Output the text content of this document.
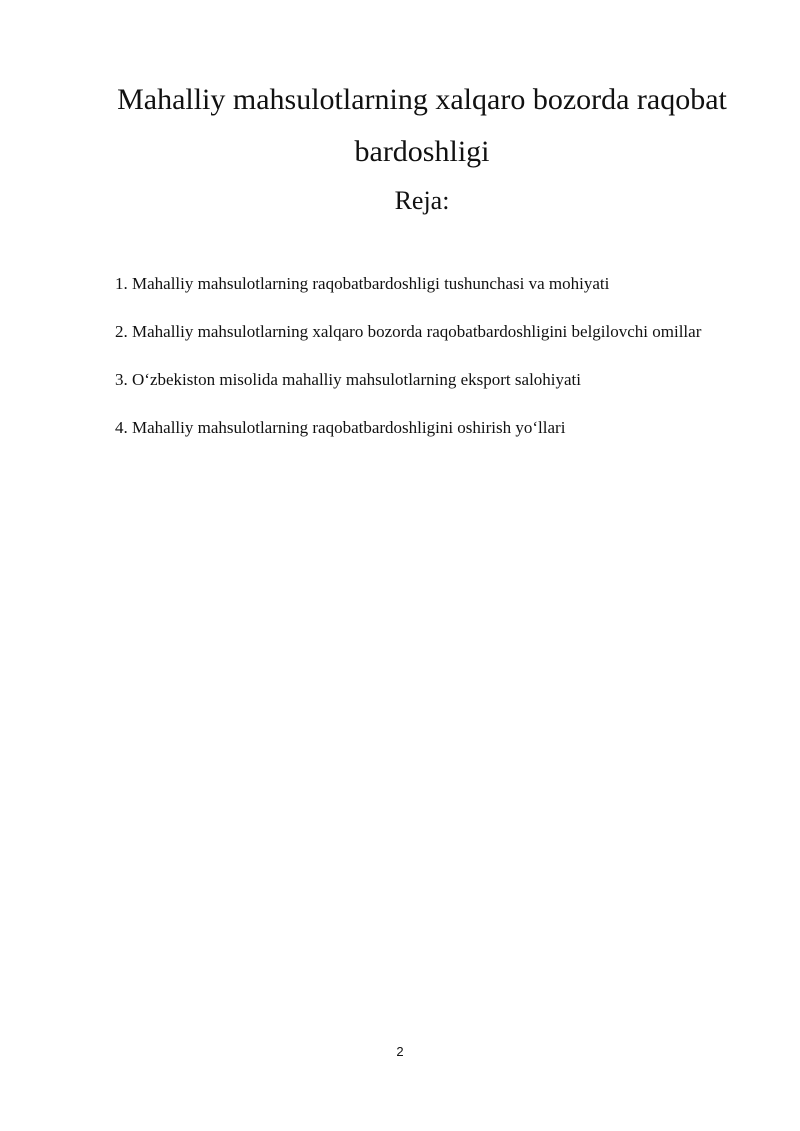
Mahalliy mahsulotlarning xalqaro bozorda raqobat bardoshligi
Reja:
1. Mahalliy mahsulotlarning raqobatbardoshligi tushunchasi va mohiyati
2. Mahalliy mahsulotlarning xalqaro bozorda raqobatbardoshligini belgilovchi omillar
3. O‘zbekiston misolida mahalliy mahsulotlarning eksport salohiyati
4. Mahalliy mahsulotlarning raqobatbardoshligini oshirish yo‘llari
2
